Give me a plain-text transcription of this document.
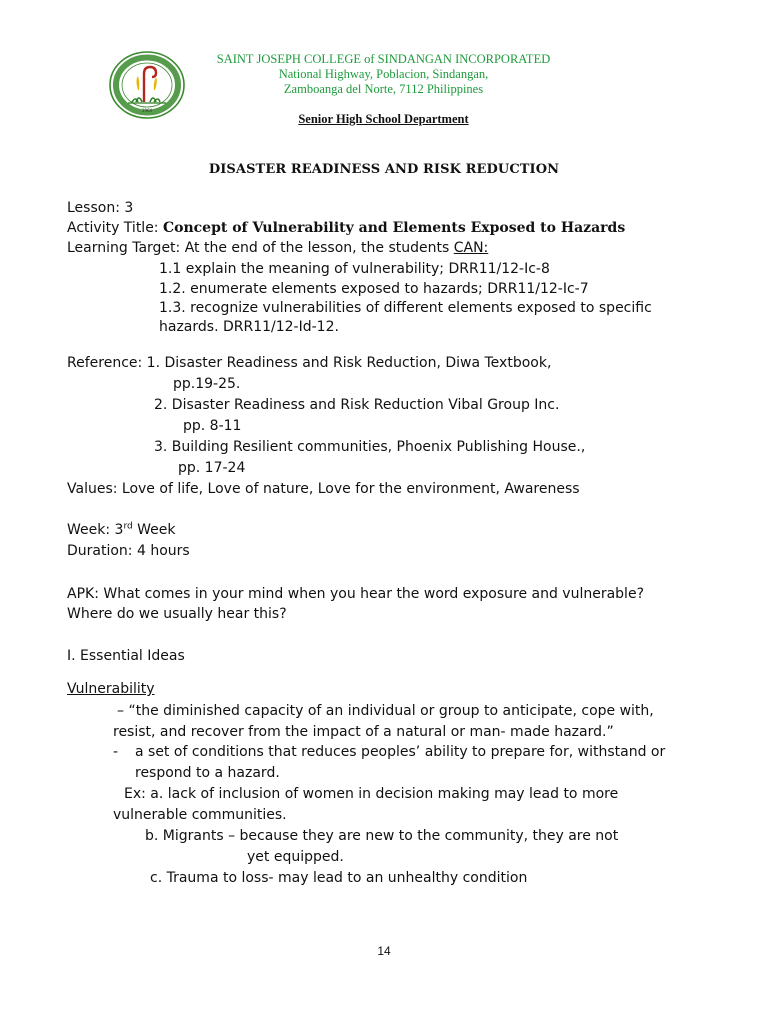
1964
SAINT JOSEPH COLLEGE of SINDANGAN INCORPORATED
National Highway, Poblacion, Sindangan,
Zamboanga del Norte, 7112 Philippines
Senior High School Department
DISASTER READINESS AND RISK REDUCTION
Lesson: 3
Activity Title: Concept of Vulnerability and Elements Exposed to Hazards
Learning Target: At the end of the lesson, the students CAN:
1.1 explain the meaning of vulnerability; DRR11/12-Ic-8
1.2. enumerate elements exposed to hazards; DRR11/12-Ic-7
1.3. recognize vulnerabilities of different elements exposed to specific
hazards. DRR11/12-Id-12.
Reference: 1. Disaster Readiness and Risk Reduction, Diwa Textbook,
pp.19-25.
2. Disaster Readiness and Risk Reduction Vibal Group Inc.
pp. 8-11
3. Building Resilient communities, Phoenix Publishing House.,
pp. 17-24
Values: Love of life, Love of nature, Love for the environment, Awareness
Week: 3rd Week
Duration: 4 hours
APK: What comes in your mind when you hear the word exposure and vulnerable?
Where do we usually hear this?
I. Essential Ideas
Vulnerability
– “the diminished capacity of an individual or group to anticipate, cope with,
resist, and recover from the impact of a natural or man- made hazard.”
- a set of conditions that reduces peoples’ ability to prepare for, withstand or
respond to a hazard.
Ex: a. lack of inclusion of women in decision making may lead to more
vulnerable communities.
b. Migrants – because they are new to the community, they are not
yet equipped.
c. Trauma to loss- may lead to an unhealthy condition
14
